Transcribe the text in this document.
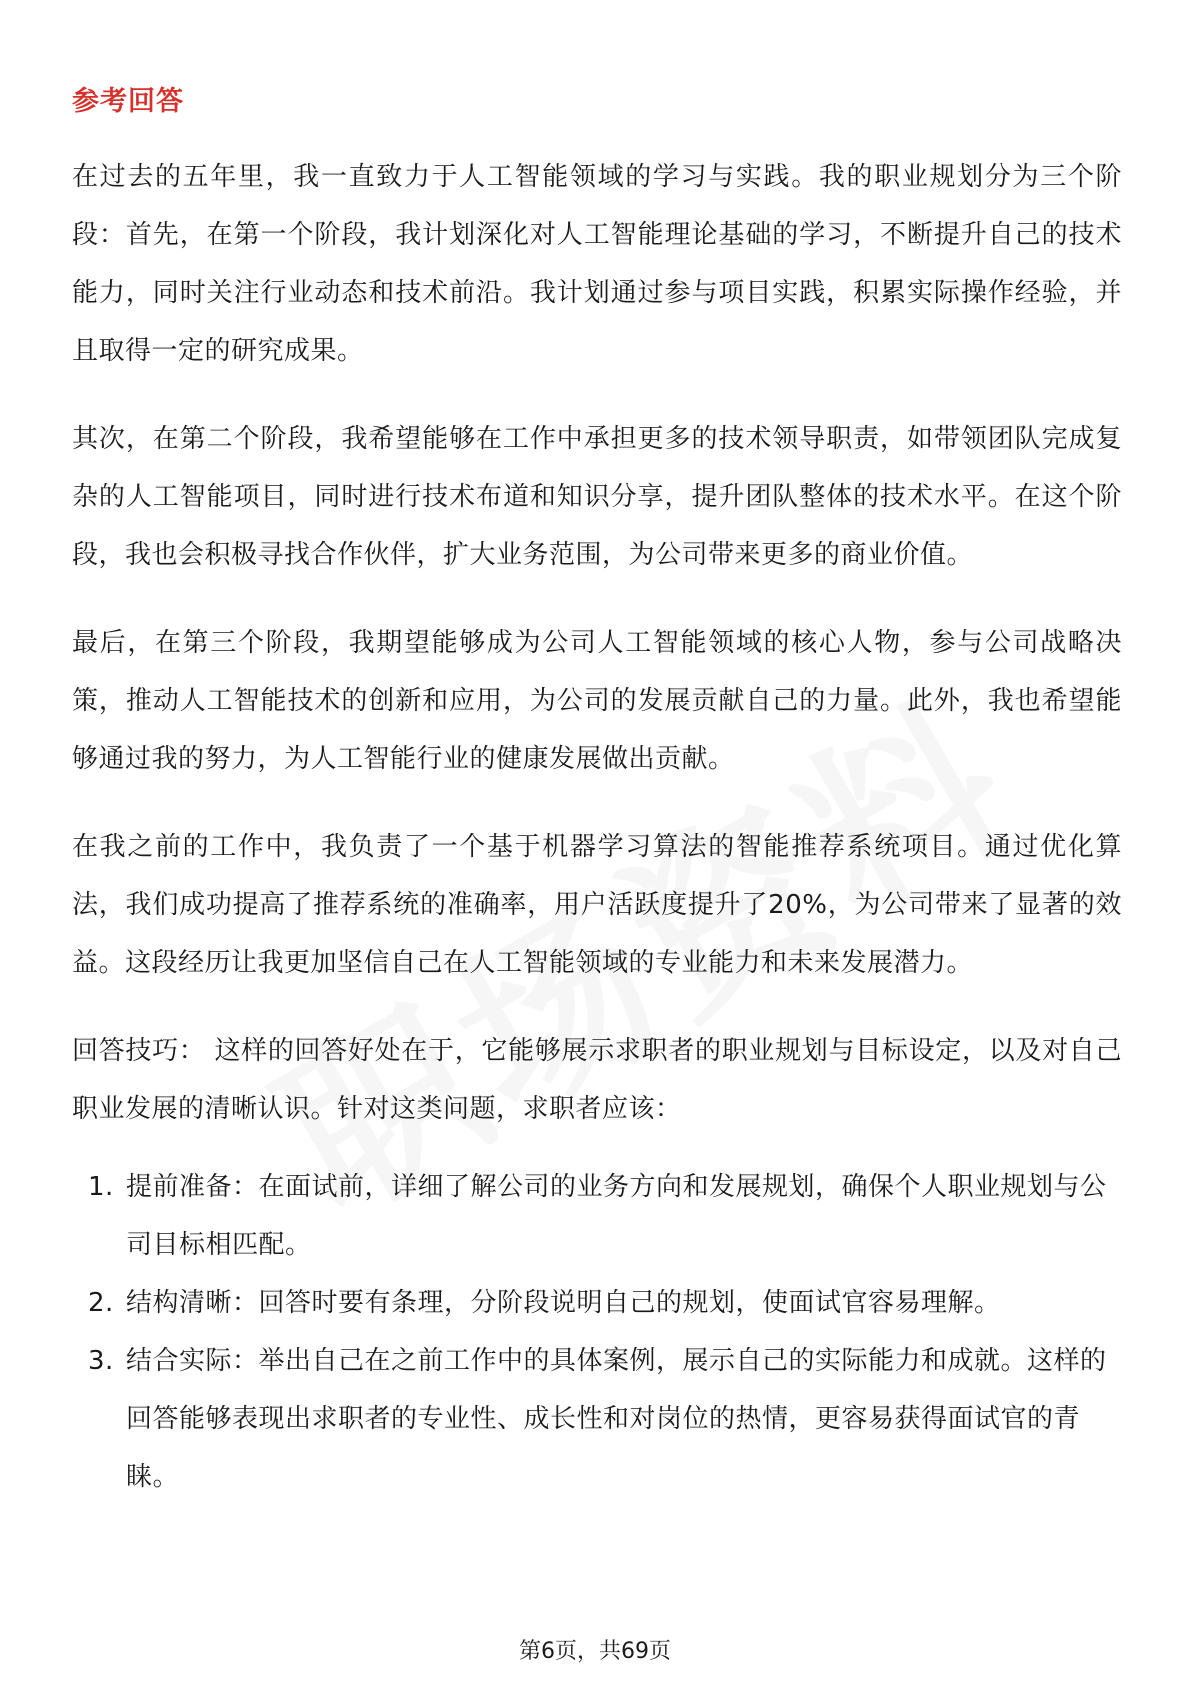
参考回答

在过去的五年里，我一直致力于人工智能领域的学习与实践。我的职业规划分为三个阶段：首先，在第一个阶段，我计划深化对人工智能理论基础的学习，不断提升自己的技术能力，同时关注行业动态和技术前沿。我计划通过参与项目实践，积累实际操作经验，并且取得一定的研究成果。

其次，在第二个阶段，我希望能够在工作中承担更多的技术领导职责，如带领团队完成复杂的人工智能项目，同时进行技术布道和知识分享，提升团队整体的技术水平。在这个阶段，我也会积极寻找合作伙伴，扩大业务范围，为公司带来更多的商业价值。

最后，在第三个阶段，我期望能够成为公司人工智能领域的核心人物，参与公司战略决策，推动人工智能技术的创新和应用，为公司的发展贡献自己的力量。此外，我也希望能够通过我的努力，为人工智能行业的健康发展做出贡献。

在我之前的工作中，我负责了一个基于机器学习算法的智能推荐系统项目。通过优化算法，我们成功提高了推荐系统的准确率，用户活跃度提升了20%，为公司带来了显著的效益。这段经历让我更加坚信自己在人工智能领域的专业能力和未来发展潜力。

回答技巧： 这样的回答好处在于，它能够展示求职者的职业规划与目标设定，以及对自己职业发展的清晰认识。针对这类问题，求职者应该：

1. 提前准备：在面试前，详细了解公司的业务方向和发展规划，确保个人职业规划与公司目标相匹配。
2. 结构清晰：回答时要有条理，分阶段说明自己的规划，使面试官容易理解。
3. 结合实际：举出自己在之前工作中的具体案例，展示自己的实际能力和成就。这样的回答能够表现出求职者的专业性、成长性和对岗位的热情，更容易获得面试官的青睐。
第6页，共69页
